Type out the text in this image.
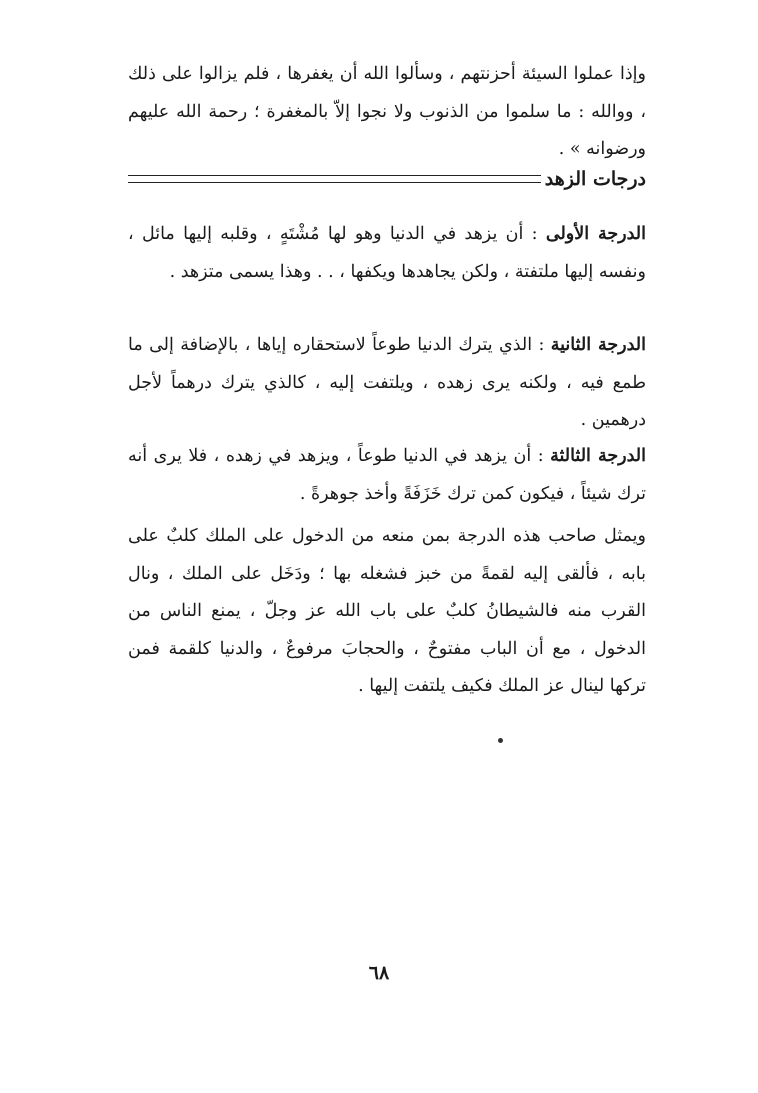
وإذا عملوا السيئة أحزنتهم ، وسألوا الله أن يغفرها ، فلم يزالوا على ذلك ، ووالله : ما سلموا من الذنوب ولا نجوا إلاّ بالمغفرة ؛ رحمة الله عليهم ورضوانه » .

درجات الزهد

الدرجة الأولى : أن يزهد في الدنيا وهو لها مُشْتَهٍ ، وقلبه إليها مائل ، ونفسه إليها ملتفتة ، ولكن يجاهدها ويكفها ، . . وهذا يسمى متزهد .

الدرجة الثانية : الذي يترك الدنيا طوعاً لاستحقاره إياها ، بالإضافة إلى ما طمع فيه ، ولكنه يرى زهده ، ويلتفت إليه ، كالذي يترك درهماً لأجل درهمين .

الدرجة الثالثة : أن يزهد في الدنيا طوعاً ، ويزهد في زهده ، فلا يرى أنه ترك شيئاً ، فيكون كمن ترك خَزَفَةً وأخذ جوهرةً .

ويمثل صاحب هذه الدرجة بمن منعه من الدخول على الملك كلبٌ على بابه ، فألقى إليه لقمةً من خبز فشغله بها ؛ ودَخَل على الملك ، ونال القرب منه فالشيطانُ كلبٌ على باب الله عز وجلّ ، يمنع الناس من الدخول ، مع أن الباب مفتوحٌ ، والحجابَ مرفوعٌ ، والدنيا كلقمة فمن تركها لينال عز الملك فكيف يلتفت إليها .

٦٨
